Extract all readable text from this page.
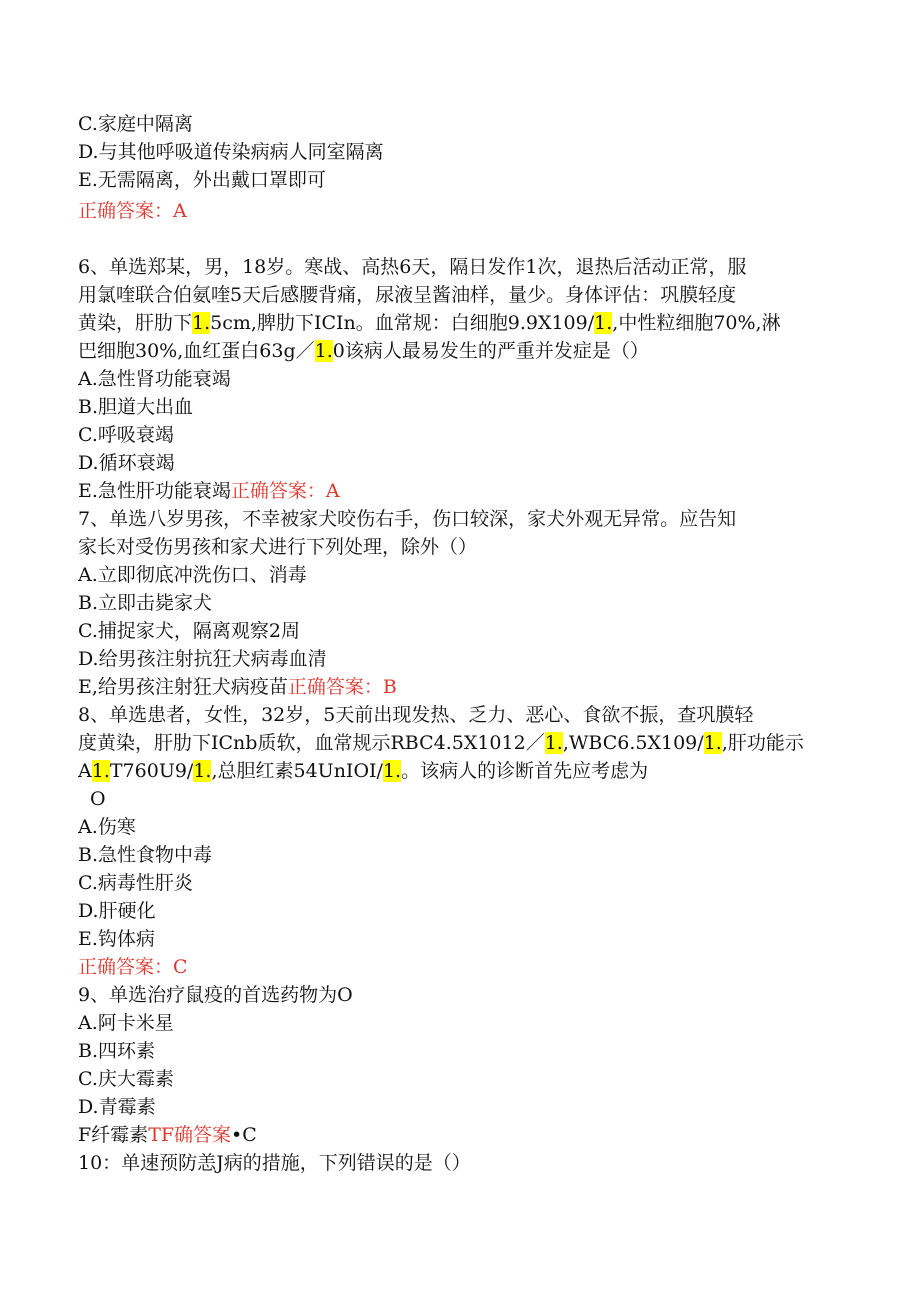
C.家庭中隔离
D.与其他呼吸道传染病病人同室隔离
E.无需隔离，外出戴口罩即可
正确答案：A
6、单选郑某，男，18岁。寒战、高热6天，隔日发作1次，退热后活动正常，服
用氯喹联合伯氨喹5天后感腰背痛，尿液呈酱油样，量少。身体评估：巩膜轻度
黄染，肝肋下1.5cm,脾肋下ICIn。血常规：白细胞9.9X109/1.,中性粒细胞70%,淋
巴细胞30%,血红蛋白63g／1.0该病人最易发生的严重并发症是（）
A.急性肾功能衰竭
B.胆道大出血
C.呼吸衰竭
D.循环衰竭
E.急性肝功能衰竭正确答案：A
7、单选八岁男孩，不幸被家犬咬伤右手，伤口较深，家犬外观无异常。应告知
家长对受伤男孩和家犬进行下列处理，除外（）
A.立即彻底冲洗伤口、消毒
B.立即击毙家犬
C.捕捉家犬，隔离观察2周
D.给男孩注射抗狂犬病毒血清
E,给男孩注射狂犬病疫苗正确答案：B
8、单选患者，女性，32岁，5天前出现发热、乏力、恶心、食欲不振，查巩膜轻
度黄染，肝肋下ICnb质软，血常规示RBC4.5X1012／1.,WBC6.5X109/1.,肝功能示
A1.T760U9/1.,总胆红素54UnIOI/1.。该病人的诊断首先应考虑为
O
A.伤寒
B.急性食物中毒
C.病毒性肝炎
D.肝硬化
E.钩体病
正确答案：C
9、单选治疗鼠疫的首选药物为O
A.阿卡米星
B.四环素
C.庆大霉素
D.青霉素
F纤霉素TF确答案•C
10：单速预防恙J病的措施，下列错误的是（）
